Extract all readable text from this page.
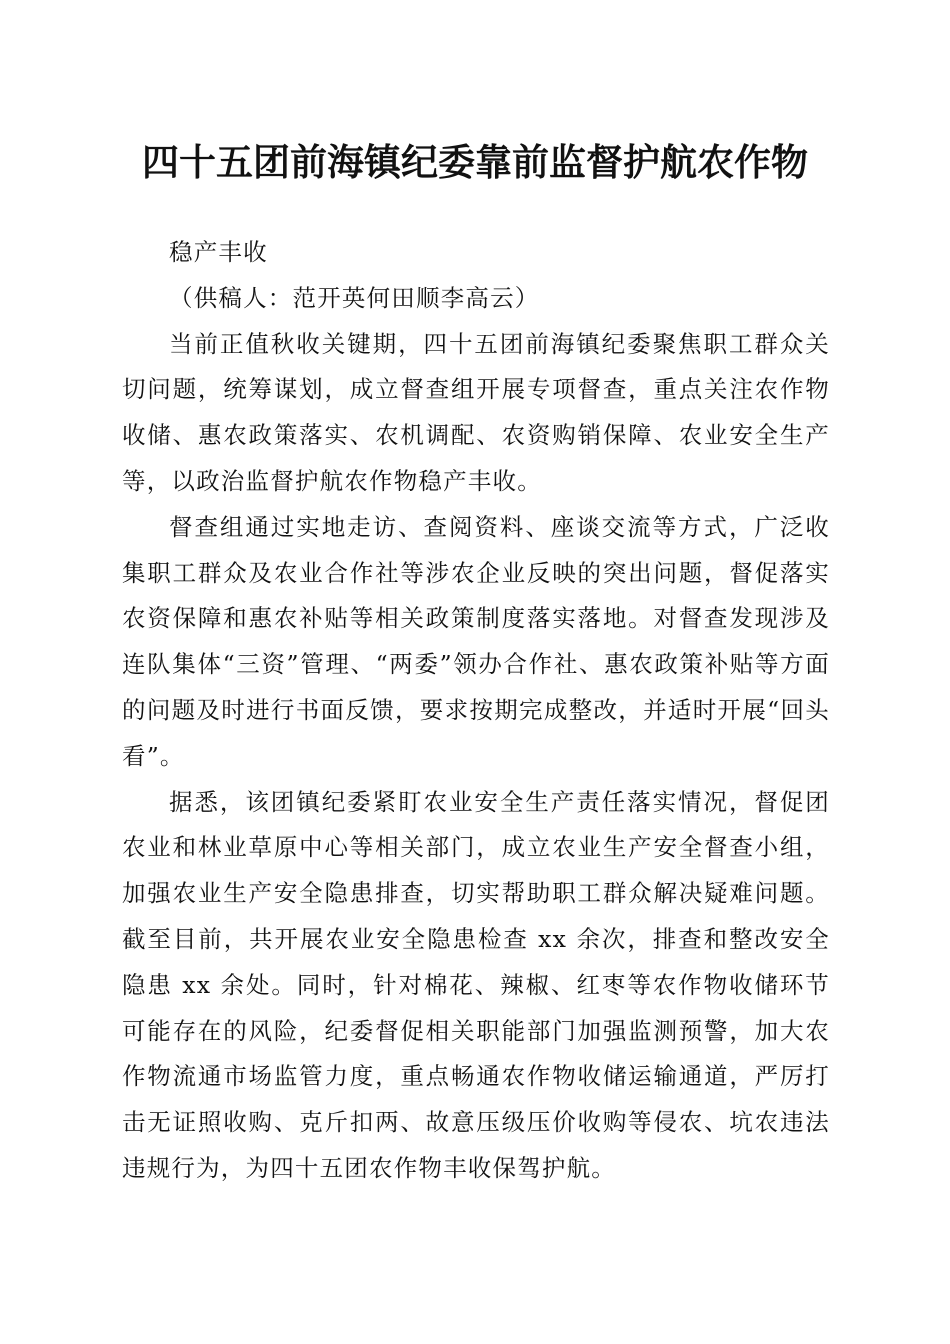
四十五团前海镇纪委靠前监督护航农作物

稳产丰收

（供稿人：范开英何田顺李高云）

当前正值秋收关键期，四十五团前海镇纪委聚焦职工群众关切问题，统筹谋划，成立督查组开展专项督查，重点关注农作物收储、惠农政策落实、农机调配、农资购销保障、农业安全生产等，以政治监督护航农作物稳产丰收。

督查组通过实地走访、查阅资料、座谈交流等方式，广泛收集职工群众及农业合作社等涉农企业反映的突出问题，督促落实农资保障和惠农补贴等相关政策制度落实落地。对督查发现涉及连队集体“三资”管理、“两委”领办合作社、惠农政策补贴等方面的问题及时进行书面反馈，要求按期完成整改，并适时开展“回头看”。

据悉，该团镇纪委紧盯农业安全生产责任落实情况，督促团农业和林业草原中心等相关部门，成立农业生产安全督查小组，加强农业生产安全隐患排查，切实帮助职工群众解决疑难问题。截至目前，共开展农业安全隐患检查 xx 余次，排查和整改安全隐患 xx 余处。同时，针对棉花、辣椒、红枣等农作物收储环节可能存在的风险，纪委督促相关职能部门加强监测预警，加大农作物流通市场监管力度，重点畅通农作物收储运输通道，严厉打击无证照收购、克斤扣两、故意压级压价收购等侵农、坑农违法违规行为，为四十五团农作物丰收保驾护航。
